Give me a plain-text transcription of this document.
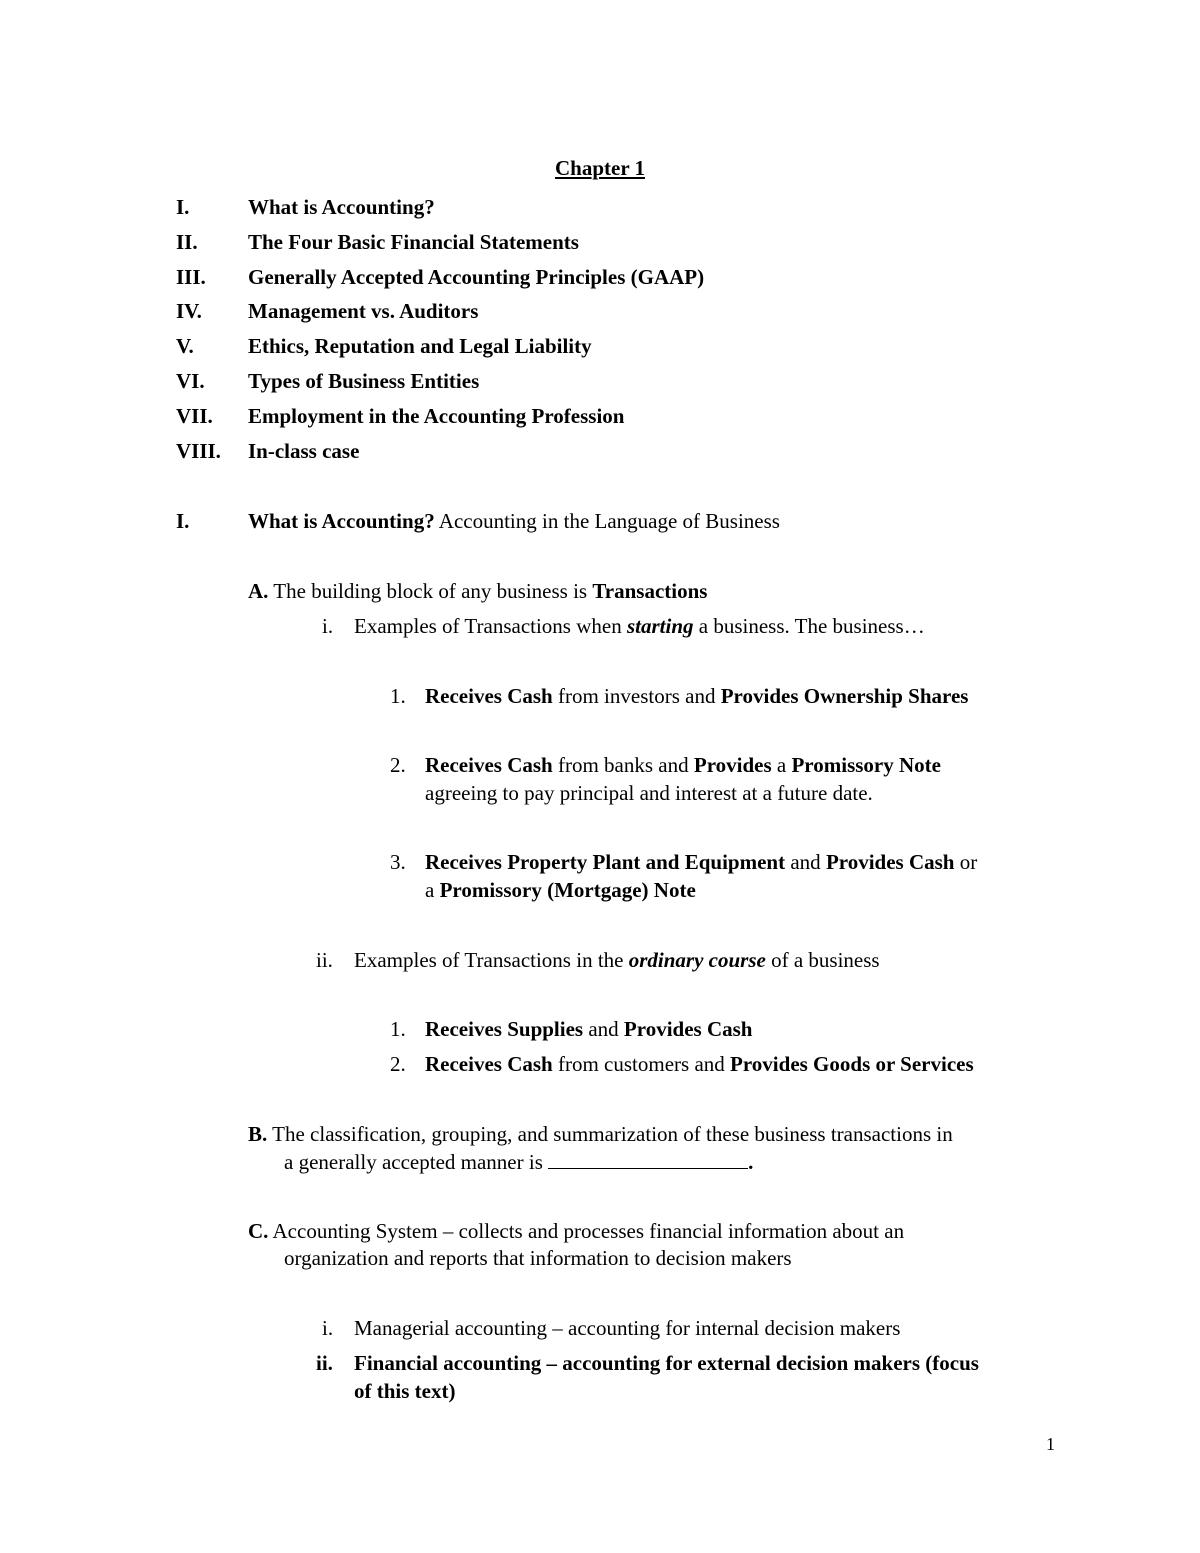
Chapter 1
I.	What is Accounting?
II. The Four Basic Financial Statements
III. Generally Accepted Accounting Principles (GAAP)
IV. Management vs. Auditors
V.	Ethics, Reputation and Legal Liability
VI. Types of Business Entities
VII. Employment in the Accounting Profession
VIII. In-class case
I.	What is Accounting? Accounting in the Language of Business
A. The building block of any business is Transactions
i. Examples of Transactions when starting a business. The business…
1. Receives Cash from investors and Provides Ownership Shares
2. Receives Cash from banks and Provides a Promissory Note
agreeing to pay principal and interest at a future date.
3. Receives Property Plant and Equipment and Provides Cash or
a Promissory (Mortgage) Note
ii. Examples of Transactions in the ordinary course of a business
1. Receives Supplies and Provides Cash
2. Receives Cash from customers and Provides Goods or Services
B. The classification, grouping, and summarization of these business transactions in
a generally accepted manner is	.
C. Accounting System – collects and processes financial information about an
organization and reports that information to decision makers
i. Managerial accounting – accounting for internal decision makers
ii. Financial accounting – accounting for external decision makers (focus
of this text)
1
